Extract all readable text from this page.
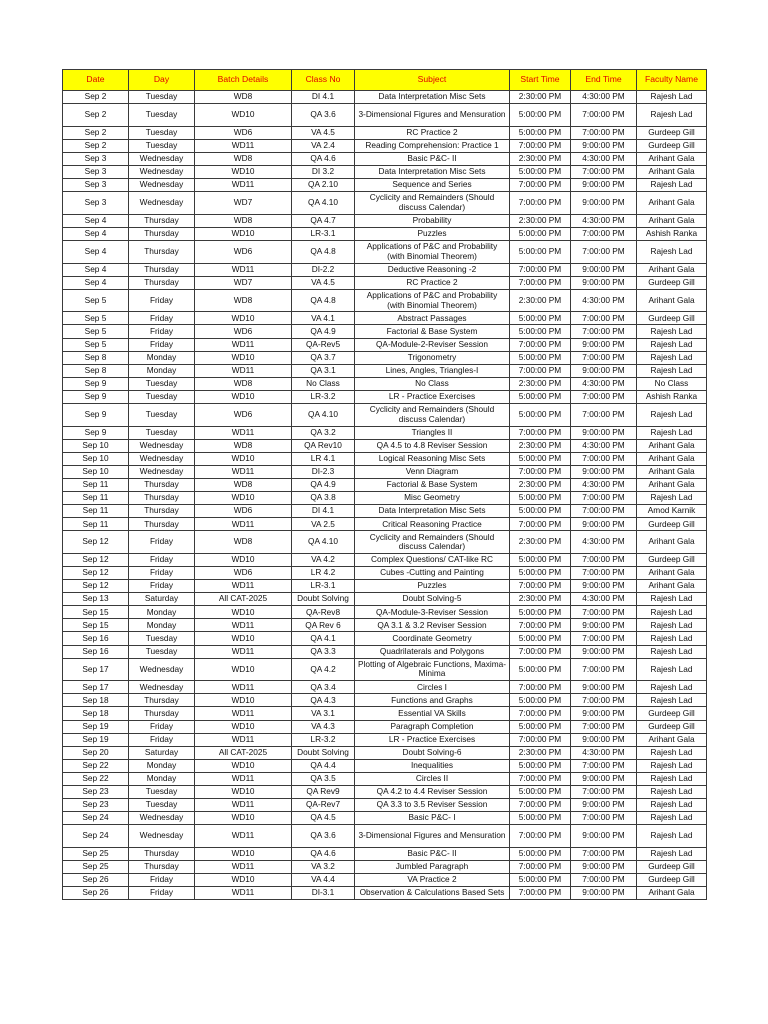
Date	Day	Batch Details	Class No	Subject	Start Time	End Time	Faculty Name
Sep 2	Tuesday	WD8	DI 4.1	Data Interpretation Misc Sets	2:30:00 PM	4:30:00 PM	Rajesh Lad
Sep 2	Tuesday	WD10	QA 3.6	3-Dimensional Figures and Mensuration	5:00:00 PM	7:00:00 PM	Rajesh Lad
Sep 2	Tuesday	WD6	VA 4.5	RC Practice 2	5:00:00 PM	7:00:00 PM	Gurdeep Gill
Sep 2	Tuesday	WD11	VA 2.4	Reading Comprehension: Practice 1	7:00:00 PM	9:00:00 PM	Gurdeep Gill
Sep 3	Wednesday	WD8	QA 4.6	Basic P&C- II	2:30:00 PM	4:30:00 PM	Arihant Gala
Sep 3	Wednesday	WD10	DI 3.2	Data Interpretation Misc Sets	5:00:00 PM	7:00:00 PM	Arihant Gala
Sep 3	Wednesday	WD11	QA 2.10	Sequence and Series	7:00:00 PM	9:00:00 PM	Rajesh Lad
Sep 3	Wednesday	WD7	QA 4.10	Cyclicity and Remainders (Should discuss Calendar)	7:00:00 PM	9:00:00 PM	Arihant Gala
Sep 4	Thursday	WD8	QA 4.7	Probability	2:30:00 PM	4:30:00 PM	Arihant Gala
Sep 4	Thursday	WD10	LR-3.1	Puzzles	5:00:00 PM	7:00:00 PM	Ashish Ranka
Sep 4	Thursday	WD6	QA 4.8	Applications of P&C and Probability (with Binomial Theorem)	5:00:00 PM	7:00:00 PM	Rajesh Lad
Sep 4	Thursday	WD11	DI-2.2	Deductive Reasoning -2	7:00:00 PM	9:00:00 PM	Arihant Gala
Sep 4	Thursday	WD7	VA 4.5	RC Practice 2	7:00:00 PM	9:00:00 PM	Gurdeep Gill
Sep 5	Friday	WD8	QA 4.8	Applications of P&C and Probability (with Binomial Theorem)	2:30:00 PM	4:30:00 PM	Arihant Gala
Sep 5	Friday	WD10	VA 4.1	Abstract Passages	5:00:00 PM	7:00:00 PM	Gurdeep Gill
Sep 5	Friday	WD6	QA 4.9	Factorial & Base System	5:00:00 PM	7:00:00 PM	Rajesh Lad
Sep 5	Friday	WD11	QA-Rev5	QA-Module-2-Reviser Session	7:00:00 PM	9:00:00 PM	Rajesh Lad
Sep 8	Monday	WD10	QA 3.7	Trigonometry	5:00:00 PM	7:00:00 PM	Rajesh Lad
Sep 8	Monday	WD11	QA 3.1	Lines, Angles, Triangles-I	7:00:00 PM	9:00:00 PM	Rajesh Lad
Sep 9	Tuesday	WD8	No Class	No Class	2:30:00 PM	4:30:00 PM	No Class
Sep 9	Tuesday	WD10	LR-3.2	LR - Practice Exercises	5:00:00 PM	7:00:00 PM	Ashish Ranka
Sep 9	Tuesday	WD6	QA 4.10	Cyclicity and Remainders (Should discuss Calendar)	5:00:00 PM	7:00:00 PM	Rajesh Lad
Sep 9	Tuesday	WD11	QA 3.2	Triangles II	7:00:00 PM	9:00:00 PM	Rajesh Lad
Sep 10	Wednesday	WD8	QA Rev10	QA 4.5 to 4.8 Reviser Session	2:30:00 PM	4:30:00 PM	Arihant Gala
Sep 10	Wednesday	WD10	LR 4.1	Logical Reasoning Misc Sets	5:00:00 PM	7:00:00 PM	Arihant Gala
Sep 10	Wednesday	WD11	DI-2.3	Venn Diagram	7:00:00 PM	9:00:00 PM	Arihant Gala
Sep 11	Thursday	WD8	QA 4.9	Factorial & Base System	2:30:00 PM	4:30:00 PM	Arihant Gala
Sep 11	Thursday	WD10	QA 3.8	Misc Geometry	5:00:00 PM	7:00:00 PM	Rajesh Lad
Sep 11	Thursday	WD6	DI 4.1	Data Interpretation Misc Sets	5:00:00 PM	7:00:00 PM	Amod Karnik
Sep 11	Thursday	WD11	VA 2.5	Critical Reasoning Practice	7:00:00 PM	9:00:00 PM	Gurdeep Gill
Sep 12	Friday	WD8	QA 4.10	Cyclicity and Remainders (Should discuss Calendar)	2:30:00 PM	4:30:00 PM	Arihant Gala
Sep 12	Friday	WD10	VA 4.2	Complex Questions/ CAT-like RC	5:00:00 PM	7:00:00 PM	Gurdeep Gill
Sep 12	Friday	WD6	LR 4.2	Cubes -Cutting and Painting	5:00:00 PM	7:00:00 PM	Arihant Gala
Sep 12	Friday	WD11	LR-3.1	Puzzles	7:00:00 PM	9:00:00 PM	Arihant Gala
Sep 13	Saturday	All CAT-2025	Doubt Solving	Doubt Solving-5	2:30:00 PM	4:30:00 PM	Rajesh Lad
Sep 15	Monday	WD10	QA-Rev8	QA-Module-3-Reviser Session	5:00:00 PM	7:00:00 PM	Rajesh Lad
Sep 15	Monday	WD11	QA Rev 6	QA 3.1 & 3.2 Reviser Session	7:00:00 PM	9:00:00 PM	Rajesh Lad
Sep 16	Tuesday	WD10	QA 4.1	Coordinate Geometry	5:00:00 PM	7:00:00 PM	Rajesh Lad
Sep 16	Tuesday	WD11	QA 3.3	Quadrilaterals and Polygons	7:00:00 PM	9:00:00 PM	Rajesh Lad
Sep 17	Wednesday	WD10	QA 4.2	Plotting of Algebraic Functions, Maxima-Minima	5:00:00 PM	7:00:00 PM	Rajesh Lad
Sep 17	Wednesday	WD11	QA 3.4	Circles I	7:00:00 PM	9:00:00 PM	Rajesh Lad
Sep 18	Thursday	WD10	QA 4.3	Functions and Graphs	5:00:00 PM	7:00:00 PM	Rajesh Lad
Sep 18	Thursday	WD11	VA 3.1	Essential VA Skills	7:00:00 PM	9:00:00 PM	Gurdeep Gill
Sep 19	Friday	WD10	VA 4.3	Paragraph Completion	5:00:00 PM	7:00:00 PM	Gurdeep Gill
Sep 19	Friday	WD11	LR-3.2	LR - Practice Exercises	7:00:00 PM	9:00:00 PM	Arihant Gala
Sep 20	Saturday	All CAT-2025	Doubt Solving	Doubt Solving-6	2:30:00 PM	4:30:00 PM	Rajesh Lad
Sep 22	Monday	WD10	QA 4.4	Inequalities	5:00:00 PM	7:00:00 PM	Rajesh Lad
Sep 22	Monday	WD11	QA 3.5	Circles II	7:00:00 PM	9:00:00 PM	Rajesh Lad
Sep 23	Tuesday	WD10	QA Rev9	QA 4.2 to 4.4 Reviser Session	5:00:00 PM	7:00:00 PM	Rajesh Lad
Sep 23	Tuesday	WD11	QA-Rev7	QA 3.3 to 3.5 Reviser Session	7:00:00 PM	9:00:00 PM	Rajesh Lad
Sep 24	Wednesday	WD10	QA 4.5	Basic P&C- I	5:00:00 PM	7:00:00 PM	Rajesh Lad
Sep 24	Wednesday	WD11	QA 3.6	3-Dimensional Figures and Mensuration	7:00:00 PM	9:00:00 PM	Rajesh Lad
Sep 25	Thursday	WD10	QA 4.6	Basic P&C- II	5:00:00 PM	7:00:00 PM	Rajesh Lad
Sep 25	Thursday	WD11	VA 3.2	Jumbled Paragraph	7:00:00 PM	9:00:00 PM	Gurdeep Gill
Sep 26	Friday	WD10	VA 4.4	VA Practice 2	5:00:00 PM	7:00:00 PM	Gurdeep Gill
Sep 26	Friday	WD11	DI-3.1	Observation & Calculations Based Sets	7:00:00 PM	9:00:00 PM	Arihant Gala
